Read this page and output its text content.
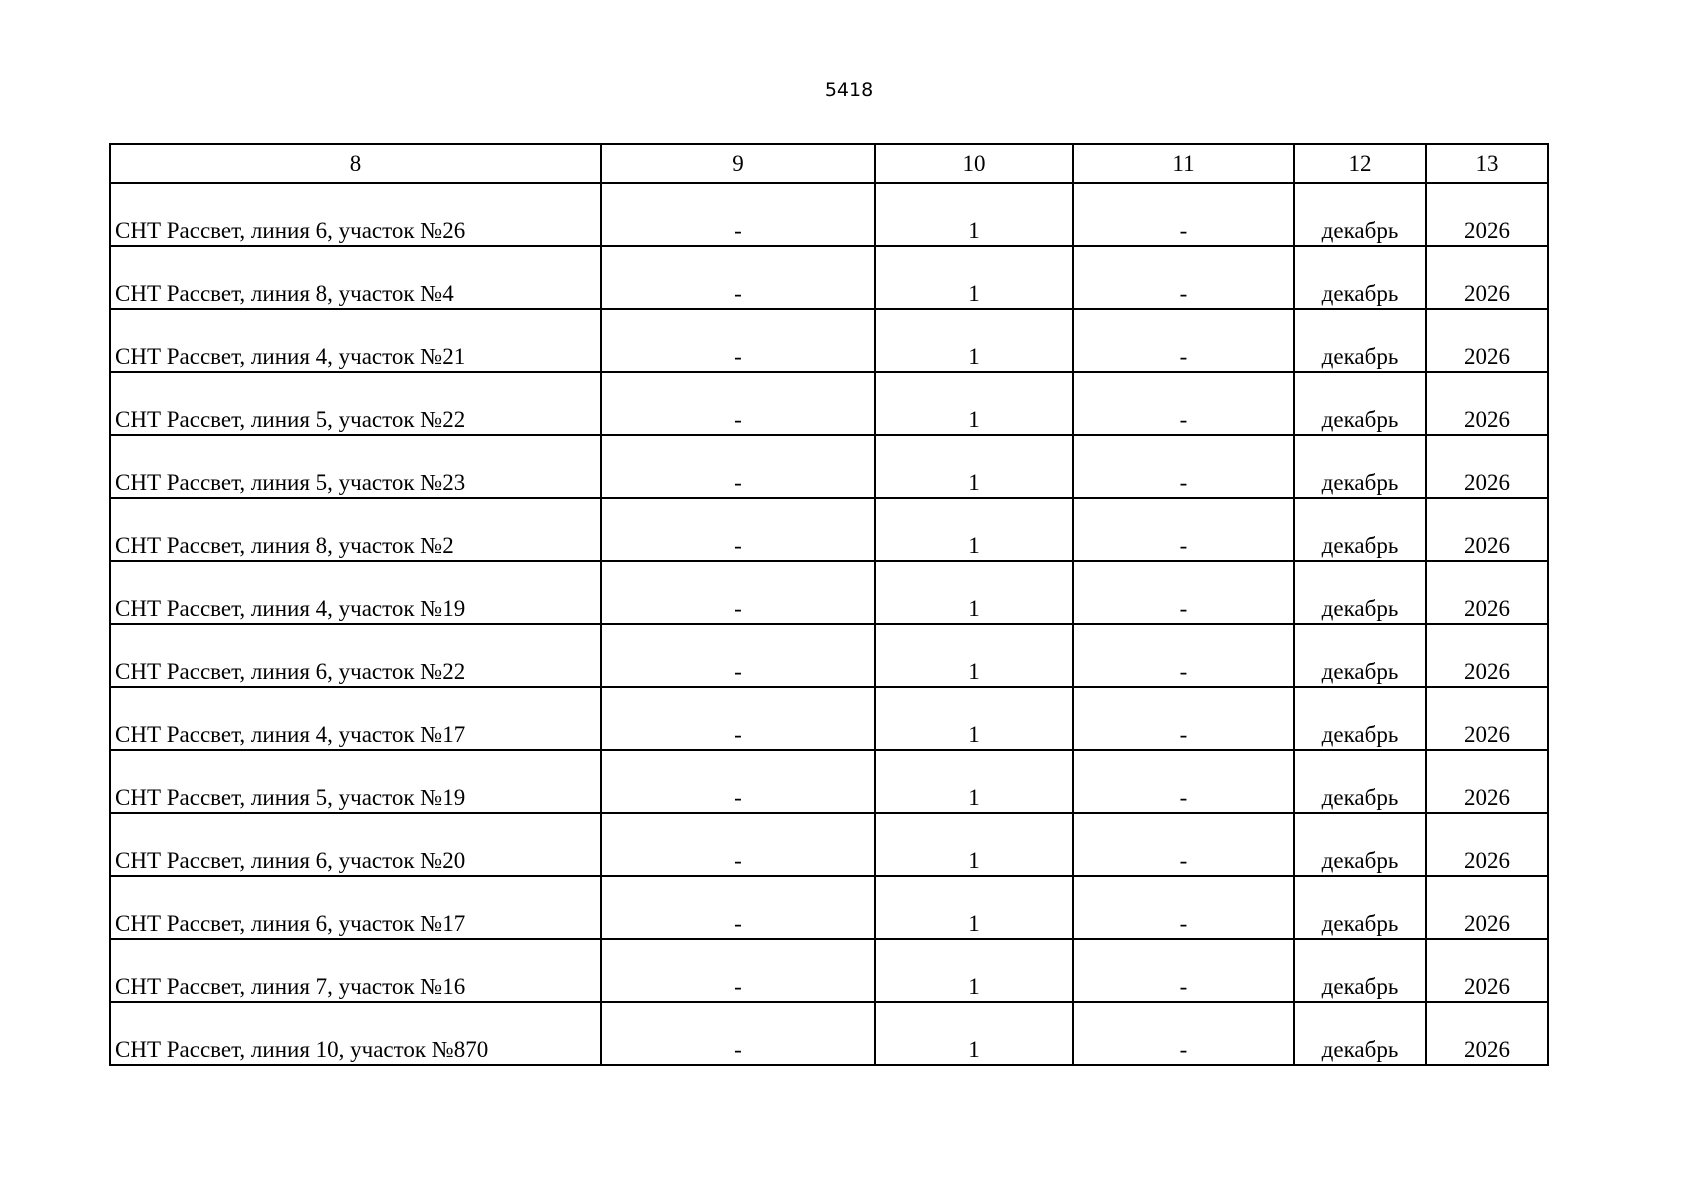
5418
8	9	10	11	12	13
СНТ Рассвет, линия 6, участок №26	-	1	-	декабрь	2026
СНТ Рассвет, линия 8, участок №4	-	1	-	декабрь	2026
СНТ Рассвет, линия 4, участок №21	-	1	-	декабрь	2026
СНТ Рассвет, линия 5, участок №22	-	1	-	декабрь	2026
СНТ Рассвет, линия 5, участок №23	-	1	-	декабрь	2026
СНТ Рассвет, линия 8, участок №2	-	1	-	декабрь	2026
СНТ Рассвет, линия 4, участок №19	-	1	-	декабрь	2026
СНТ Рассвет, линия 6, участок №22	-	1	-	декабрь	2026
СНТ Рассвет, линия 4, участок №17	-	1	-	декабрь	2026
СНТ Рассвет, линия 5, участок №19	-	1	-	декабрь	2026
СНТ Рассвет, линия 6, участок №20	-	1	-	декабрь	2026
СНТ Рассвет, линия 6, участок №17	-	1	-	декабрь	2026
СНТ Рассвет, линия 7, участок №16	-	1	-	декабрь	2026
СНТ Рассвет, линия 10, участок №870	-	1	-	декабрь	2026
